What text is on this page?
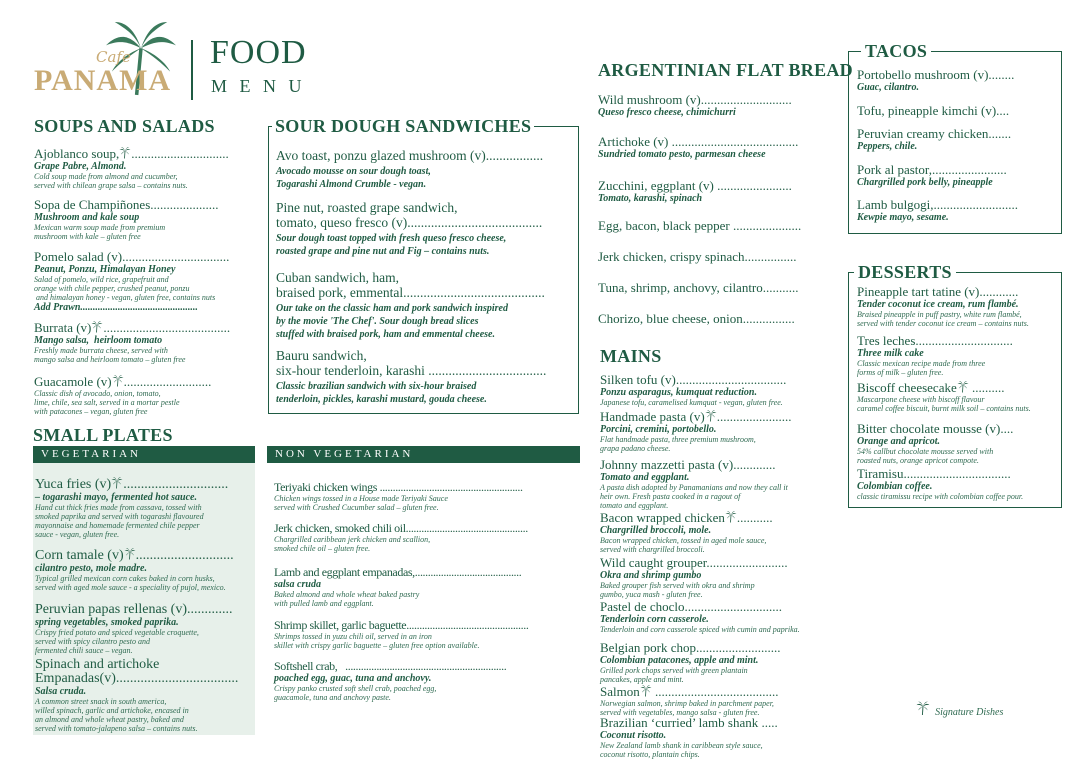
Cafe
PANAMA
FOOD
M E N U
SOUPS AND SALADS
Ajoblanco soup, ..............................
Grape Pabre, Almond.
Cold soup made from almond and cucumber,
served with chilean grape salsa – contains nuts.
Sopa de Champiñones.....................
Mushroom and kale soup
Mexican warm soup made from premium
mushroom with kale – gluten free
Pomelo salad (v).................................
Peanut, Ponzu, Himalayan Honey
Salad of pomelo, wild rice, grapefruit and
orange with chile pepper, crushed peanut, ponzu
and himalayan honey - vegan, gluten free, contains nuts
Add Prawn...............................................
Burrata (v) .......................................
Mango salsa,  heirloom tomato
Freshly made burrata cheese, served with
mango salsa and heirloom tomato – gluten free
Guacamole (v) ...........................
Classic dish of avocado, onion, tomato,
lime, chile, sea salt, served in a mortar pestle
with patacones – vegan, gluten free
SOUR DOUGH SANDWICHES
Avo toast, ponzu glazed mushroom (v).................
Avocado mousse on sour dough toast,
Togarashi Almond Crumble - vegan.
Pine nut, roasted grape sandwich,
tomato, queso fresco (v)........................................
Sour dough toast topped with fresh queso fresco cheese,
roasted grape and pine nut and Fig – contains nuts.
Cuban sandwich, ham,
braised pork, emmental..........................................
Our take on the classic ham and pork sandwich inspired
by the movie 'The Chef'. Sour dough bread slices
stuffed with braised pork, ham and emmental cheese.
Bauru sandwich,
six-hour tenderloin, karashi ...................................
Classic brazilian sandwich with six-hour braised
tenderloin, pickles, karashi mustard, gouda cheese.
SMALL PLATES
VEGETARIAN	NON VEGETARIAN
Yuca fries (v) ..............................
– togarashi mayo, fermented hot sauce.
Hand cut thick fries made from cassava, tossed with
smoked paprika and served with togarashi flavoured
mayonnaise and homemade fermented chile pepper
sauce - vegan, gluten free.
Corn tamale (v) ............................
cilantro pesto, mole madre.
Typical grilled mexican corn cakes baked in corn husks,
served with aged mole sauce - a speciality of pujol, mexico.
Peruvian papas rellenas (v).............
spring vegetables, smoked paprika.
Crispy fried potato and spiced vegetable croquette,
served with spicy cilantro pesto and
fermented chili sauce – vegan.
Spinach and artichoke
Empanadas(v)...................................
Salsa cruda.
A common street snack in south america,
willed spinach, garlic and artichoke, encased in
an almond and whole wheat pastry, baked and
served with tomato-jalapeno salsa – contains nuts.
Teriyaki chicken wings .......................................................
Chicken wings tossed in a House made Teriyaki Sauce
served with Crushed Cucumber salad – gluten free.
Jerk chicken, smoked chili oil...............................................
Chargrilled caribbean jerk chicken and scallion,
smoked chile oil – gluten free.
Lamb and eggplant empanadas,.........................................
salsa cruda
Baked almond and whole wheat baked pastry
with pulled lamb and eggplant.
Shrimp skillet, garlic baguette...............................................
Shrimps tossed in yuzu chili oil, served in an iron
skillet with crispy garlic baguette – gluten free option available.
Softshell crab,   ..............................................................
poached egg, guac, tuna and anchovy.
Crispy panko crusted soft shell crab, poached egg,
guacamole, tuna and anchovy paste.
ARGENTINIAN FLAT BREAD
Wild mushroom (v)............................
Queso fresco cheese, chimichurri
Artichoke (v) .......................................
Sundried tomato pesto, parmesan cheese
Zucchini, eggplant (v) .......................
Tomato, karashi, spinach
Egg, bacon, black pepper .....................
Jerk chicken, crispy spinach................
Tuna, shrimp, anchovy, cilantro...........
Chorizo, blue cheese, onion................
MAINS
Silken tofu (v)..................................
Ponzu asparagus, kumquat reduction.
Japanese tofu, caramelised kumquat - vegan, gluten free.
Handmade pasta (v) .......................
Porcini, cremini, portobello.
Flat handmade pasta, three premium mushroom,
grapa padano cheese.
Johnny mazzetti pasta (v).............
Tomato and eggplant.
A pasta dish adopted by Panamanians and now they call it
heir own. Fresh pasta cooked in a ragout of
tomato and eggplant.
Bacon wrapped chicken ...........
Chargrilled broccoli, mole.
Bacon wrapped chicken, tossed in aged mole sauce,
served with chargrilled broccoli.
Wild caught grouper.........................
Okra and shrimp gumbo
Baked grouper fish served with okra and shrimp
gumbo, yuca mash - gluten free.
Pastel de choclo..............................
Tenderloin corn casserole.
Tenderloin and corn casserole spiced with cumin and paprika.
Belgian pork chop..........................
Colombian patacones, apple and mint.
Grilled pork chops served with green plantain
pancakes, apple and mint.
Salmon ......................................
Norwegian salmon, shrimp baked in parchment paper,
served with vegetables, mango salsa - gluten free.
Brazilian ‘curried’ lamb shank .....
Coconut risotto.
New Zealand lamb shank in caribbean style sauce,
coconut risotto, plantain chips.
TACOS
Portobello mushroom (v)........
Guac, cilantro.
Tofu, pineapple kimchi (v)....
Peruvian creamy chicken.......
Peppers, chile.
Pork al pastor,.......................
Chargrilled pork belly, pineapple
Lamb bulgogi,..........................
Kewpie mayo, sesame.
DESSERTS
Pineapple tart tatine (v)............
Tender coconut ice cream, rum flambé.
Braised pineapple in puff pastry, white rum flambé,
served with tender coconut ice cream – contains nuts.
Tres leches..............................
Three milk cake
Classic mexican recipe made from three
forms of milk – gluten free.
Biscoff cheesecake ..........
Mascarpone cheese with biscoff flavour
caramel coffee biscuit, burnt milk soil – contains nuts.
Bitter chocolate mousse (v)....
Orange and apricot.
54% callbut chocolate mousse served with
roasted nuts, orange apricot compote.
Tiramisu.................................
Colombian coffee.
classic tiramissu recipe with colombian coffee pour.
Signature Dishes
